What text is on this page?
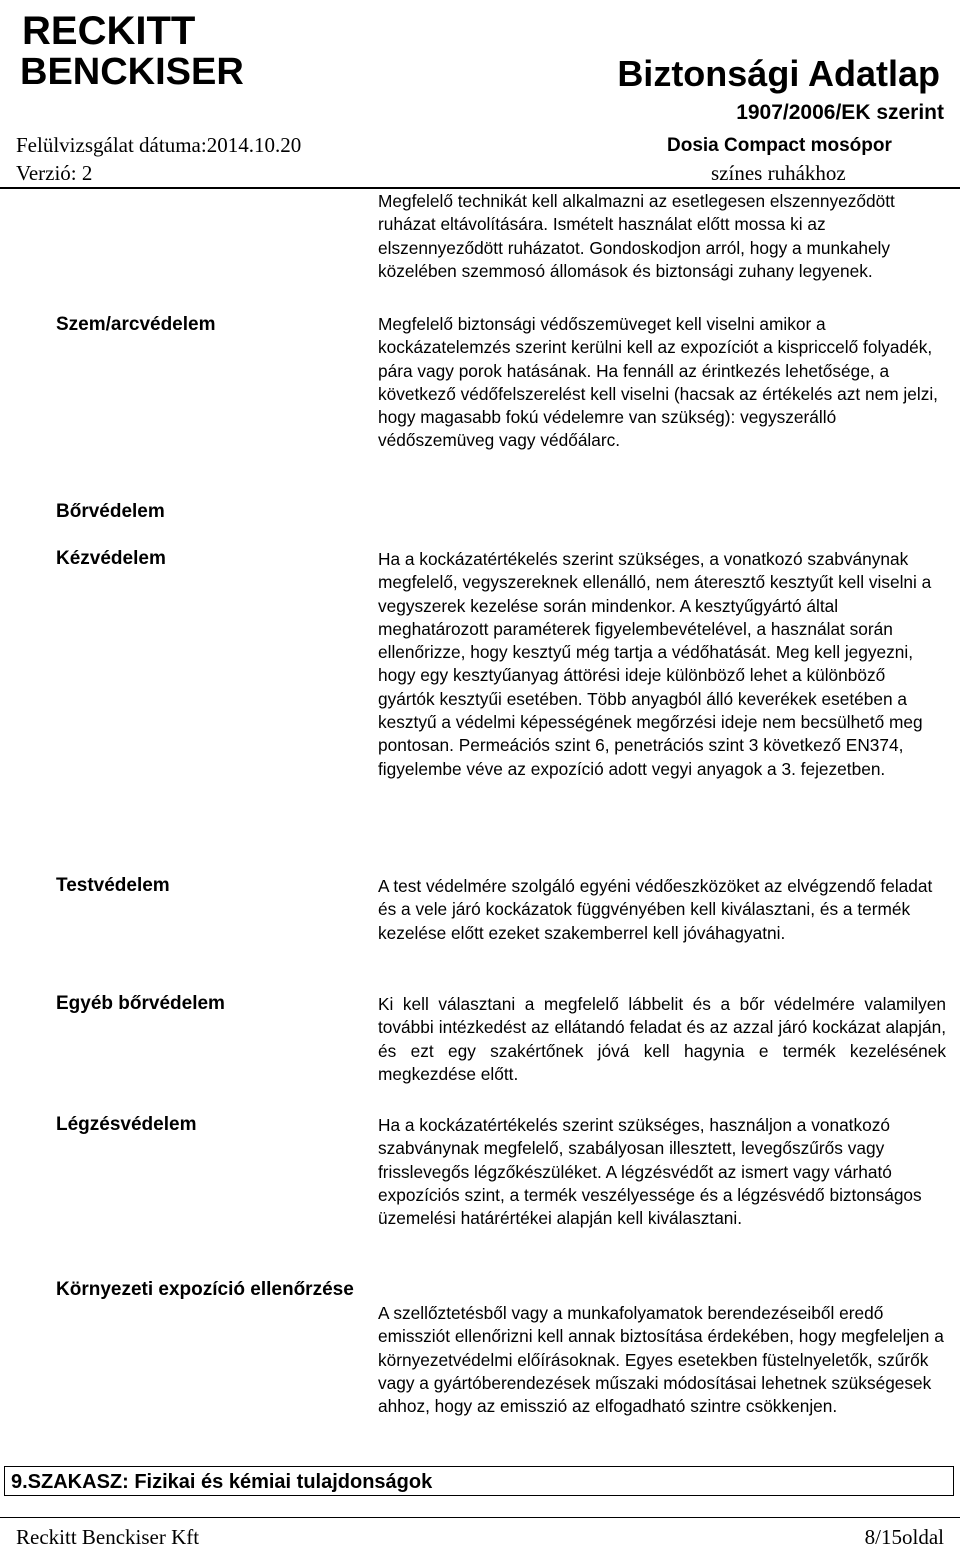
RECKITT
BENCKISER	Biztonsági Adatlap
1907/2006/EK szerint
Felülvizsgálat dátuma:2014.10.20
Verzió: 2
Dosia Compact mosópor
színes ruhákhoz
Megfelelő technikát kell alkalmazni az esetlegesen elszennyeződött ruházat eltávolítására. Ismételt használat előtt mossa ki az elszennyeződött ruházatot. Gondoskodjon arról, hogy a munkahely közelében szemmosó állomások és biztonsági zuhany legyenek.
Szem/arcvédelem	Megfelelő biztonsági védőszemüveget kell viselni amikor a kockázatelemzés szerint kerülni kell az expozíciót a kispriccelő folyadék, pára vagy porok hatásának. Ha fennáll az érintkezés lehetősége, a következő védőfelszerelést kell viselni (hacsak az értékelés azt nem jelzi, hogy magasabb fokú védelemre van szükség): vegyszerálló védőszemüveg vagy védőálarc.
Bőrvédelem
Kézvédelem	Ha a kockázatértékelés szerint szükséges, a vonatkozó szabványnak megfelelő, vegyszereknek ellenálló, nem áteresztő kesztyűt kell viselni a vegyszerek kezelése során mindenkor. A kesztyűgyártó által meghatározott paraméterek figyelembevételével, a használat során ellenőrizze, hogy kesztyű még tartja a védőhatását. Meg kell jegyezni, hogy egy kesztyűanyag áttörési ideje különböző lehet a különböző gyártók kesztyűi esetében. Több anyagból álló keverékek esetében a kesztyű a védelmi képességének megőrzési ideje nem becsülhető meg pontosan. Permeációs szint 6, penetrációs szint 3 következő EN374, figyelembe véve az expozíció adott vegyi anyagok a 3. fejezetben.
Testvédelem	A test védelmére szolgáló egyéni védőeszközöket az elvégzendő feladat és a vele járó kockázatok függvényében kell kiválasztani, és a termék kezelése előtt ezeket szakemberrel kell jóváhagyatni.
Egyéb bőrvédelem	Ki kell választani a megfelelő lábbelit és a bőr védelmére valamilyen további intézkedést az ellátandó feladat és az azzal járó kockázat alapján, és ezt egy szakértőnek jóvá kell hagynia e termék kezelésének megkezdése előtt.
Légzésvédelem	Ha a kockázatértékelés szerint szükséges, használjon a vonatkozó szabványnak megfelelő, szabályosan illesztett, levegőszűrős vagy frisslevegős légzőkészüléket. A légzésvédőt az ismert vagy várható expozíciós szint, a termék veszélyessége és a légzésvédő biztonságos üzemelési határértékei alapján kell kiválasztani.
Környezeti expozíció ellenőrzése
A szellőztetésből vagy a munkafolyamatok berendezéseiből eredő emissziót ellenőrizni kell annak biztosítása érdekében, hogy megfeleljen a környezetvédelmi előírásoknak. Egyes esetekben füstelnyeletők, szűrők vagy a gyártóberendezések műszaki módosításai lehetnek szükségesek ahhoz, hogy az emisszió az elfogadható szintre csökkenjen.
9.SZAKASZ: Fizikai és kémiai tulajdonságok
Reckitt Benckiser Kft	8/15oldal
